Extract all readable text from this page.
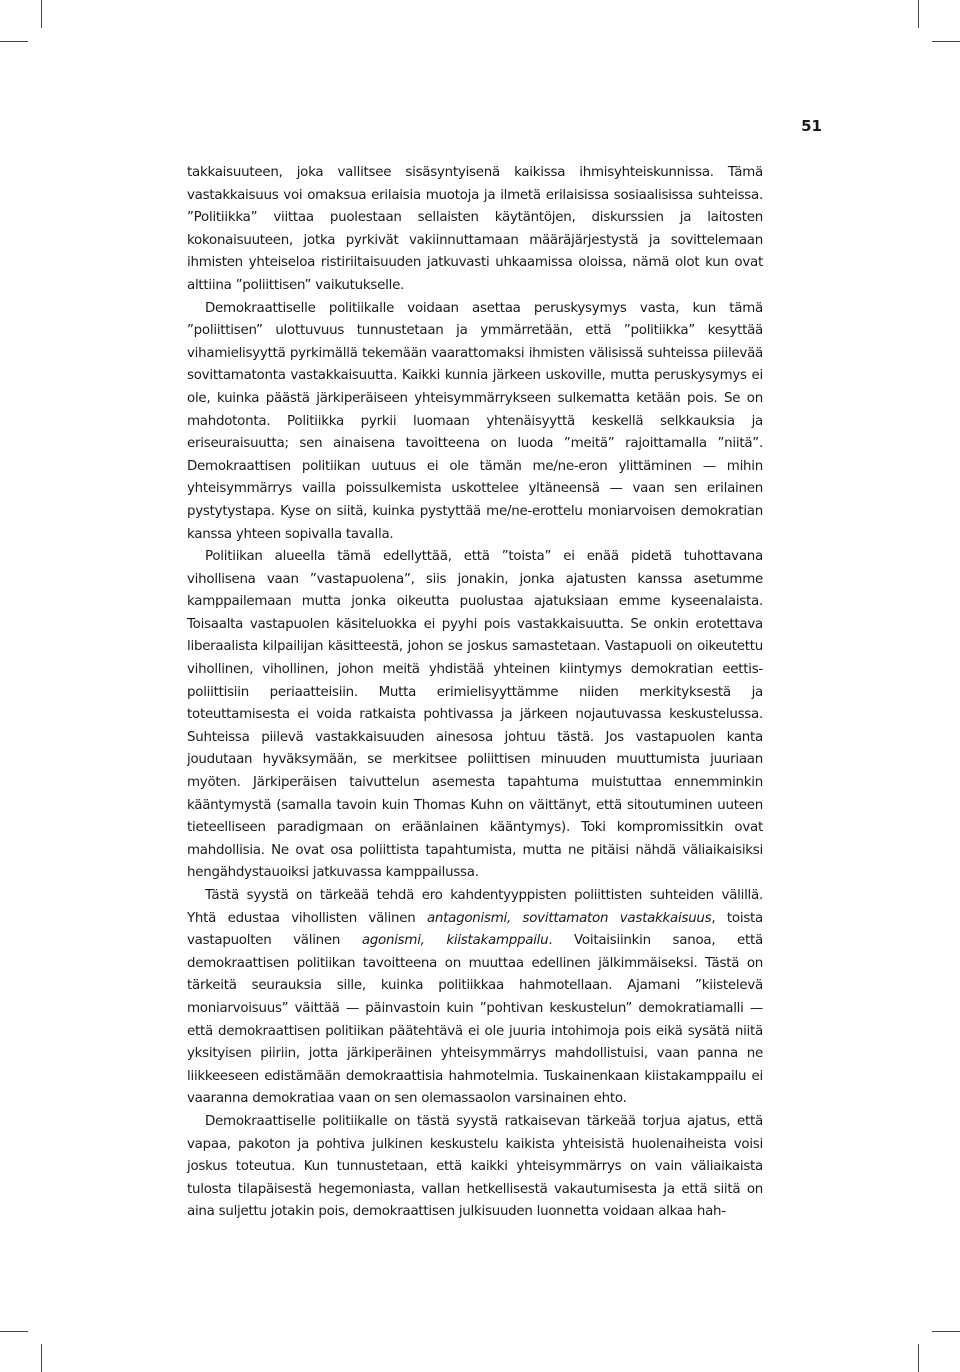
51

takkaisuuteen, joka vallitsee sisäsyntyisenä kaikissa ihmisyhteiskunnissa. Tämä vastakkaisuus voi omaksua erilaisia muotoja ja ilmetä erilaisissa sosiaalisissa suhteissa. ”Politiikka” viittaa puolestaan sellaisten käytäntöjen, diskurssien ja laitosten kokonaisuuteen, jotka pyrkivät vakiinnuttamaan määräjärjestystä ja sovittelemaan ihmisten yhteiseloa ristiriitaisuuden jatkuvasti uhkaamissa oloissa, nämä olot kun ovat alttiina ”poliittisen” vaikutukselle.

Demokraattiselle politiikalle voidaan asettaa peruskysymys vasta, kun tämä ”poliittisen” ulottuvuus tunnustetaan ja ymmärretään, että ”politiikka” kesyttää vihamielisyyttä pyrkimällä tekemään vaarattomaksi ihmisten välisissä suhteissa piilevää sovittamatonta vastakkaisuutta. Kaikki kunnia järkeen uskoville, mutta peruskysymys ei ole, kuinka päästä järkiperäiseen yhteisymmärrykseen sulkematta ketään pois. Se on mahdotonta. Politiikka pyrkii luomaan yhtenäisyyttä keskellä selkkauksia ja eriseuraisuutta; sen ainaisena tavoitteena on luoda ”meitä” rajoittamalla ”niitä”. Demokraattisen politiikan uutuus ei ole tämän me/ne-eron ylittäminen — mihin yhteisymmärrys vailla poissulkemista uskottelee yltäneensä — vaan sen erilainen pystytystapa. Kyse on siitä, kuinka pystyttää me/ne-erottelu moniarvoisen demokratian kanssa yhteen sopivalla tavalla.

Politiikan alueella tämä edellyttää, että ”toista” ei enää pidetä tuhottavana vihollisena vaan ”vastapuolena”, siis jonakin, jonka ajatusten kanssa asetumme kamppailemaan mutta jonka oikeutta puolustaa ajatuksiaan emme kyseenalaista. Toisaalta vastapuolen käsiteluokka ei pyyhi pois vastakkaisuutta. Se onkin erotettava liberaalista kilpailijan käsitteestä, johon se joskus samastetaan. Vastapuoli on oikeutettu vihollinen, vihollinen, johon meitä yhdistää yhteinen kiintymys demokratian eettis-poliittisiin periaatteisiin. Mutta erimielisyyttämme niiden merkityksestä ja toteuttamisesta ei voida ratkaista pohtivassa ja järkeen nojautuvassa keskustelussa. Suhteissa piilevä vastakkaisuuden ainesosa johtuu tästä. Jos vastapuolen kanta joudutaan hyväksymään, se merkitsee poliittisen minuuden muuttumista juuriaan myöten. Järkiperäisen taivuttelun asemesta tapahtuma muistuttaa ennemminkin kääntymystä (samalla tavoin kuin Thomas Kuhn on väittänyt, että sitoutuminen uuteen tieteelliseen paradigmaan on eräänlainen kääntymys). Toki kompromissitkin ovat mahdollisia. Ne ovat osa poliittista tapahtumista, mutta ne pitäisi nähdä väliaikaisiksi hengähdystauoiksi jatkuvassa kamppailussa.

Tästä syystä on tärkeää tehdä ero kahdentyyppisten poliittisten suhteiden välillä. Yhtä edustaa vihollisten välinen antagonismi, sovittamaton vastakkaisuus, toista vastapuolten välinen agonismi, kiistakamppailu. Voitaisiinkin sanoa, että demokraattisen politiikan tavoitteena on muuttaa edellinen jälkimmäiseksi. Tästä on tärkeitä seurauksia sille, kuinka politiikkaa hahmotellaan. Ajamani ”kiistelevä moniarvoisuus” väittää — päinvastoin kuin ”pohtivan keskustelun” demokratiamalli — että demokraattisen politiikan päätehtävä ei ole juuria intohimoja pois eikä sysätä niitä yksityisen piiriin, jotta järkiperäinen yhteisymmärrys mahdollistuisi, vaan panna ne liikkeeseen edistämään demokraattisia hahmotelmia. Tuskainenkaan kiistakamppailu ei vaaranna demokratiaa vaan on sen olemassaolon varsinainen ehto.

Demokraattiselle politiikalle on tästä syystä ratkaisevan tärkeää torjua ajatus, että vapaa, pakoton ja pohtiva julkinen keskustelu kaikista yhteisistä huolenaiheista voisi joskus toteutua. Kun tunnustetaan, että kaikki yhteisymmärrys on vain väliaikaista tulosta tilapäisestä hegemoniasta, vallan hetkellisestä vakautumisesta ja että siitä on aina suljettu jotakin pois, demokraattisen julkisuuden luonnetta voidaan alkaa hah-
